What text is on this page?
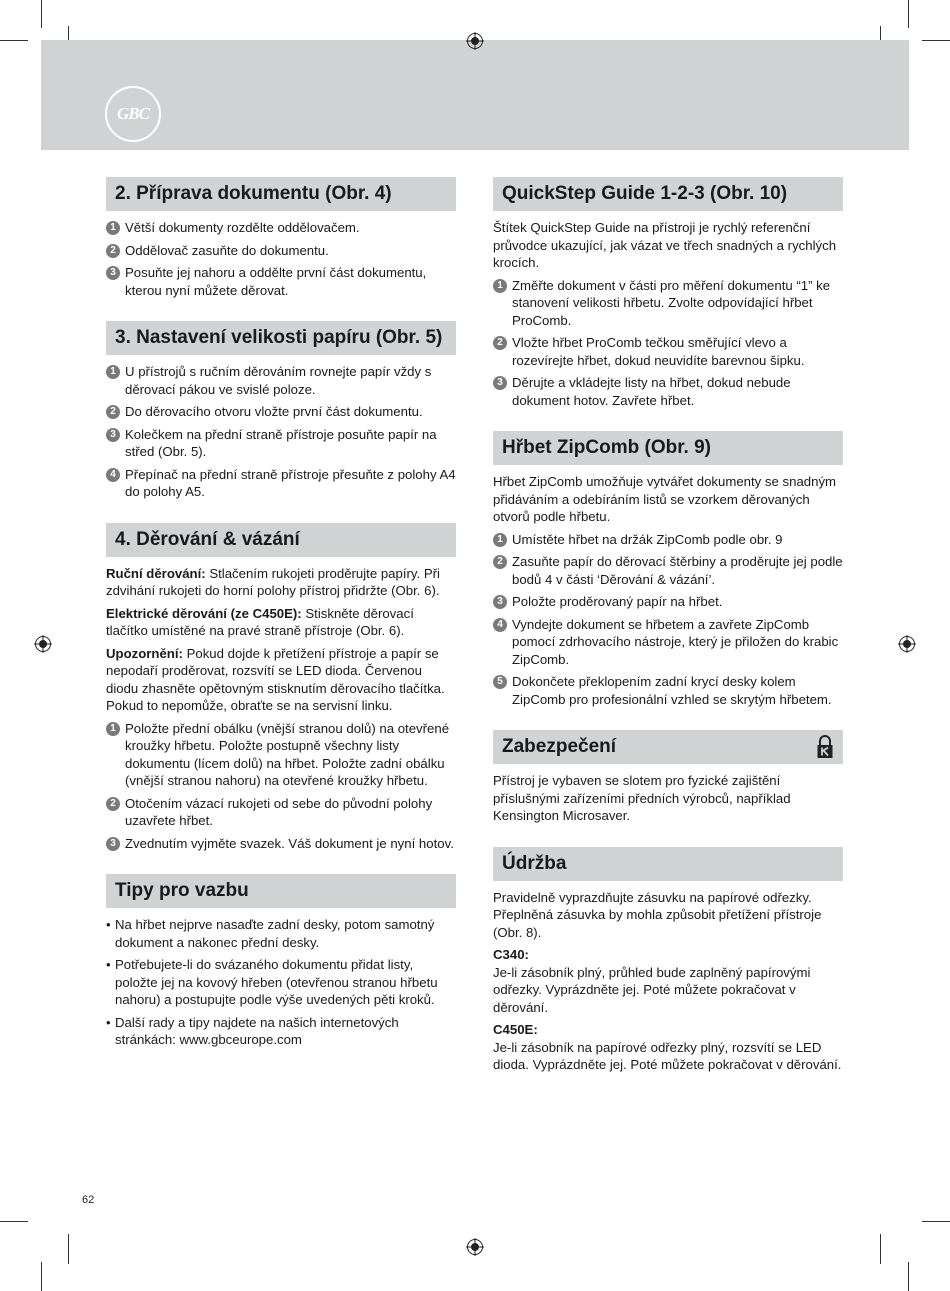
GBC
2. Příprava dokumentu (Obr. 4)
1 Větší dokumenty rozdělte oddělovačem.
2 Oddělovač zasuňte do dokumentu.
3 Posuňte jej nahoru a oddělte první část dokumentu, kterou nyní můžete děrovat.
3. Nastavení velikosti papíru (Obr. 5)
1 U přístrojů s ručním děrováním rovnejte papír vždy s děrovací pákou ve svislé poloze.
2 Do děrovacího otvoru vložte první část dokumentu.
3 Kolečkem na přední straně přístroje posuňte papír na střed (Obr. 5).
4 Přepínač na přední straně přístroje přesuňte z polohy A4 do polohy A5.
4. Děrování & vázání

Ruční děrování: Stlačením rukojeti proděrujte papíry. Při zdvihání rukojeti do horní polohy přístroj přidržte (Obr. 6).

Elektrické děrování (ze C450E): Stiskněte děrovací tlačítko umístěné na pravé straně přístroje (Obr. 6).

Upozornění: Pokud dojde k přetížení přístroje a papír se nepodaří proděrovat, rozsvítí se LED dioda. Červenou diodu zhasněte opětovným stisknutím děrovacího tlačítka. Pokud to nepomůže, obraťte se na servisní linku.

1 Položte přední obálku (vnější stranou dolů) na otevřené kroužky hřbetu. Položte postupně všechny listy dokumentu (lícem dolů) na hřbet. Položte zadní obálku (vnější stranou nahoru) na otevřené kroužky hřbetu.
2 Otočením vázací rukojeti od sebe do původní polohy uzavřete hřbet.
3 Zvednutím vyjměte svazek. Váš dokument je nyní hotov.
Tipy pro vazbu
• Na hřbet nejprve nasaďte zadní desky, potom samotný dokument a nakonec přední desky.
• Potřebujete-li do svázaného dokumentu přidat listy, položte jej na kovový hřeben (otevřenou stranou hřbetu nahoru) a postupujte podle výše uvedených pěti kroků.
• Další rady a tipy najdete na našich internetových stránkách: www.gbceurope.com
QuickStep Guide 1-2-3 (Obr. 10)

Štítek QuickStep Guide na přístroji je rychlý referenční průvodce ukazující, jak vázat ve třech snadných a rychlých krocích.

1 Změřte dokument v části pro měření dokumentu “1” ke stanovení velikosti hřbetu. Zvolte odpovídající hřbet ProComb.
2 Vložte hřbet ProComb tečkou směřující vlevo a rozevírejte hřbet, dokud neuvidíte barevnou šipku.
3 Děrujte a vkládejte listy na hřbet, dokud nebude dokument hotov. Zavřete hřbet.
Hřbet ZipComb (Obr. 9)

Hřbet ZipComb umožňuje vytvářet dokumenty se snadným přidáváním a odebíráním listů se vzorkem děrovaných otvorů podle hřbetu.

1 Umístěte hřbet na držák ZipComb podle obr. 9
2 Zasuňte papír do děrovací štěrbiny a proděrujte jej podle bodů 4 v části ‘Děrování & vázání’.
3 Položte proděrovaný papír na hřbet.
4 Vyndejte dokument se hřbetem a zavřete ZipComb pomocí zdrhovacího nástroje, který je přiložen do krabic ZipComb.
5 Dokončete překlopením zadní krycí desky kolem ZipComb pro profesionální vzhled se skrytým hřbetem.
Zabezpečení

Přístroj je vybaven se slotem pro fyzické zajištění příslušnými zařízeními předních výrobců, například Kensington Microsaver.

Údržba

Pravidelně vyprazdňujte zásuvku na papírové odřezky. Přeplněná zásuvka by mohla způsobit přetížení přístroje (Obr. 8).

C340:

Je-li zásobník plný, průhled bude zaplněný papírovými odřezky. Vyprázdněte jej. Poté můžete pokračovat v děrování.

C450E:

Je-li zásobník na papírové odřezky plný, rozsvítí se LED dioda. Vyprázdněte jej. Poté můžete pokračovat v děrování.

62
